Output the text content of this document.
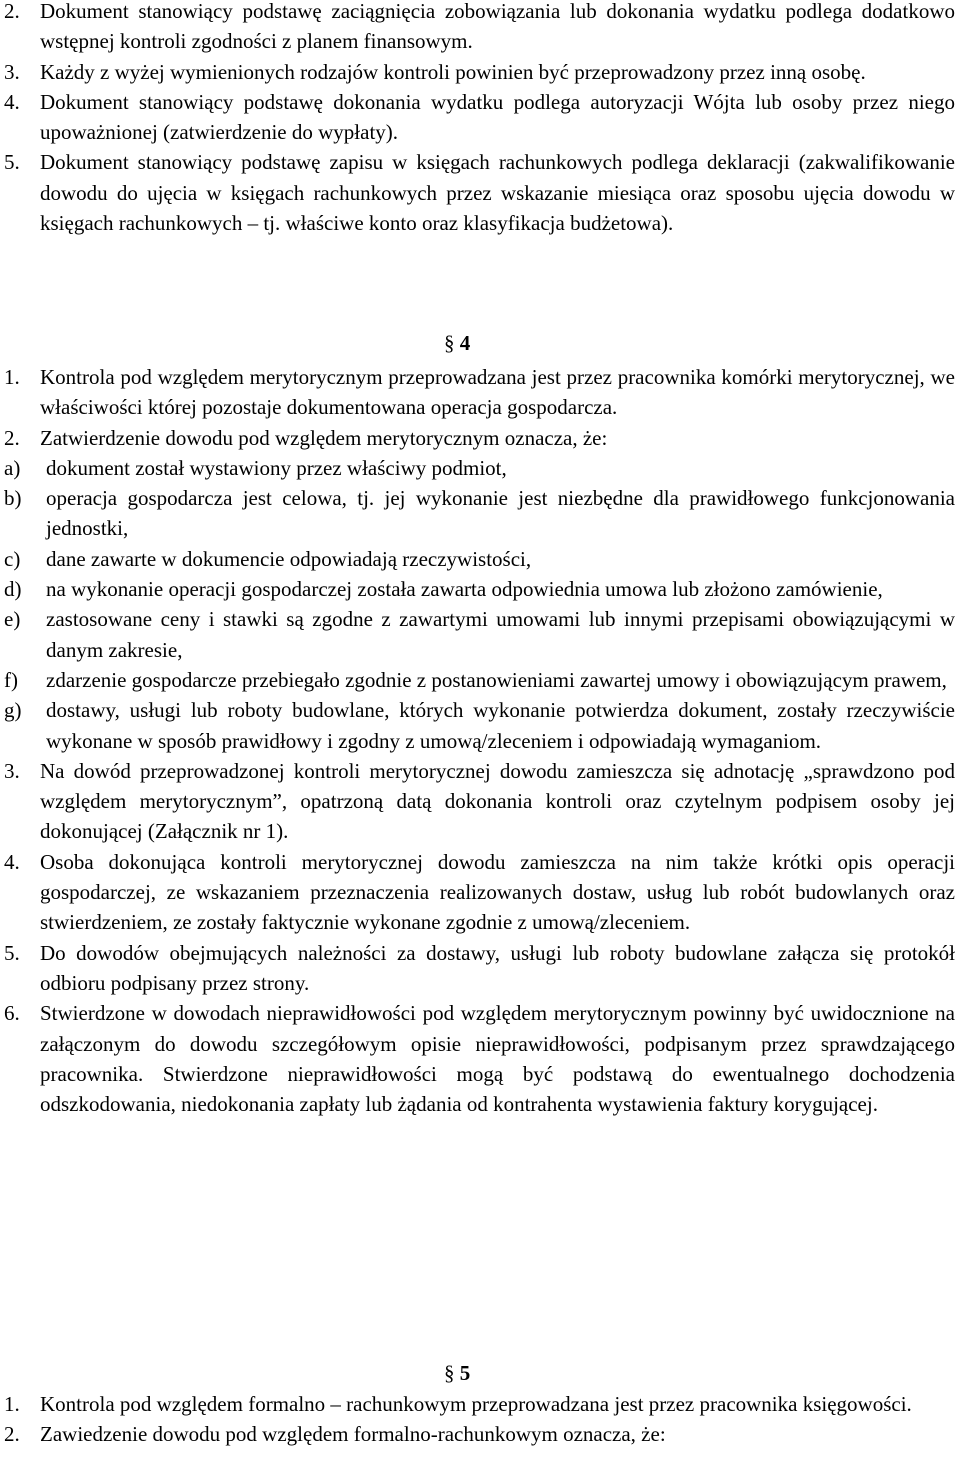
2. Dokument stanowiący podstawę zaciągnięcia zobowiązania lub dokonania wydatku podlega dodatkowo wstępnej kontroli zgodności z planem finansowym.
3. Każdy z wyżej wymienionych rodzajów kontroli powinien być przeprowadzony przez inną osobę.
4. Dokument stanowiący podstawę dokonania wydatku podlega autoryzacji Wójta lub osoby przez niego upoważnionej (zatwierdzenie do wypłaty).
5. Dokument stanowiący podstawę zapisu w księgach rachunkowych podlega deklaracji (zakwalifikowanie dowodu do ujęcia w księgach rachunkowych przez wskazanie miesiąca oraz sposobu ujęcia dowodu w księgach rachunkowych – tj. właściwe konto oraz klasyfikacja budżetowa).
§ 4
1. Kontrola pod względem merytorycznym przeprowadzana jest przez pracownika komórki merytorycznej, we właściwości której pozostaje dokumentowana operacja gospodarcza.
2. Zatwierdzenie dowodu pod względem merytorycznym oznacza, że:
a)	dokument został wystawiony przez właściwy podmiot,
b)	operacja gospodarcza jest celowa, tj. jej wykonanie jest niezbędne dla prawidłowego funkcjonowania jednostki,
c)	dane zawarte w dokumencie odpowiadają rzeczywistości,
d)	na wykonanie operacji gospodarczej została zawarta odpowiednia umowa lub złożono zamówienie,
e)	zastosowane ceny i stawki są zgodne z zawartymi umowami lub innymi przepisami obowiązującymi w danym zakresie,
f)	zdarzenie gospodarcze przebiegało zgodnie z postanowieniami zawartej umowy i obowiązującym prawem,
g)	dostawy, usługi lub roboty budowlane, których wykonanie potwierdza dokument, zostały rzeczywiście wykonane w sposób prawidłowy i zgodny z umową/zleceniem i odpowiadają wymaganiom.
3. Na dowód przeprowadzonej kontroli merytorycznej dowodu zamieszcza się adnotację „sprawdzono pod względem merytorycznym”, opatrzoną datą dokonania kontroli oraz czytelnym podpisem osoby jej dokonującej (Załącznik nr 1).
4. Osoba dokonująca kontroli merytorycznej dowodu zamieszcza na nim także krótki opis operacji gospodarczej, ze wskazaniem przeznaczenia realizowanych dostaw, usług lub robót budowlanych oraz stwierdzeniem, ze zostały faktycznie wykonane zgodnie z umową/zleceniem.
5. Do dowodów obejmujących należności za dostawy, usługi lub roboty budowlane załącza się protokół odbioru podpisany przez strony.
6. Stwierdzone w dowodach nieprawidłowości pod względem merytorycznym powinny być uwidocznione na załączonym do dowodu szczegółowym opisie nieprawidłowości, podpisanym przez sprawdzającego pracownika. Stwierdzone nieprawidłowości mogą być podstawą do ewentualnego dochodzenia odszkodowania, niedokonania zapłaty lub żądania od kontrahenta wystawienia faktury korygującej.
§ 5
1. Kontrola pod względem formalno – rachunkowym przeprowadzana jest przez pracownika księgowości.
2. Zawiedzenie dowodu pod względem formalno-rachunkowym oznacza, że:
